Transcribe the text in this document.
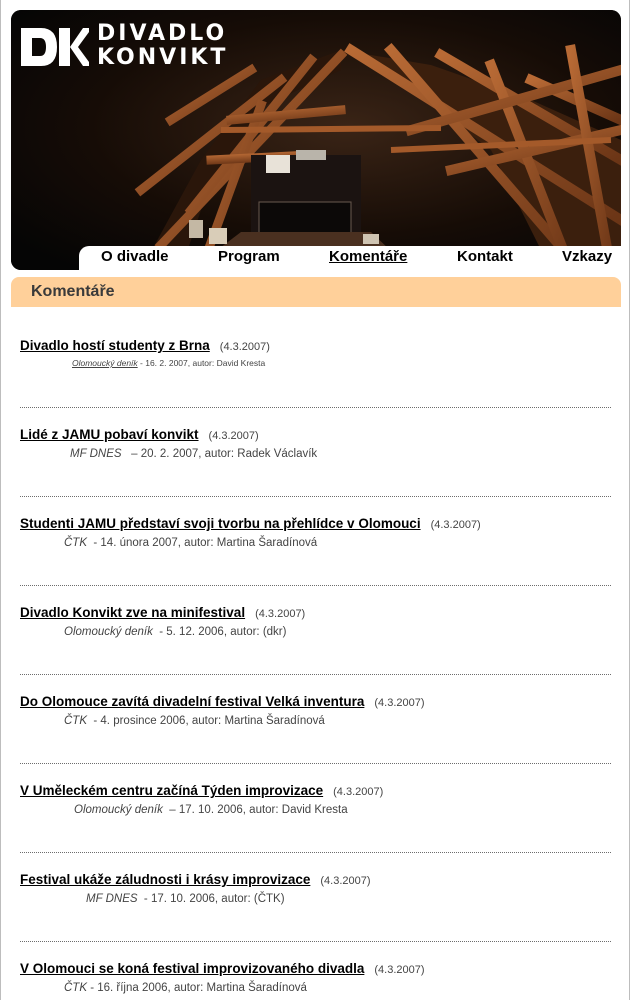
DIVADLO
KONVIKT
O divadle	Program	Komentáře	Kontakt	Vzkazy
Komentáře
Divadlo hostí studenty z Brna (4.3.2007)
Olomoucký deník - 16. 2. 2007, autor: David Kresta
Lidé z JAMU pobaví konvikt (4.3.2007)
MF DNES   – 20. 2. 2007, autor: Radek Václavík
Studenti JAMU představí svoji tvorbu na přehlídce v Olomouci (4.3.2007)
ČTK  - 14. února 2007, autor: Martina Šaradínová
Divadlo Konvikt zve na minifestival (4.3.2007)
Olomoucký deník  - 5. 12. 2006, autor: (dkr)
Do Olomouce zavítá divadelní festival Velká inventura (4.3.2007)
ČTK  - 4. prosince 2006, autor: Martina Šaradínová
V Uměleckém centru začíná Týden improvizace (4.3.2007)
Olomoucký deník  – 17. 10. 2006, autor: David Kresta
Festival ukáže záludnosti i krásy improvizace (4.3.2007)
MF DNES  - 17. 10. 2006, autor: (ČTK)
V Olomouci se koná festival improvizovaného divadla (4.3.2007)
ČTK - 16. října 2006, autor: Martina Šaradínová
